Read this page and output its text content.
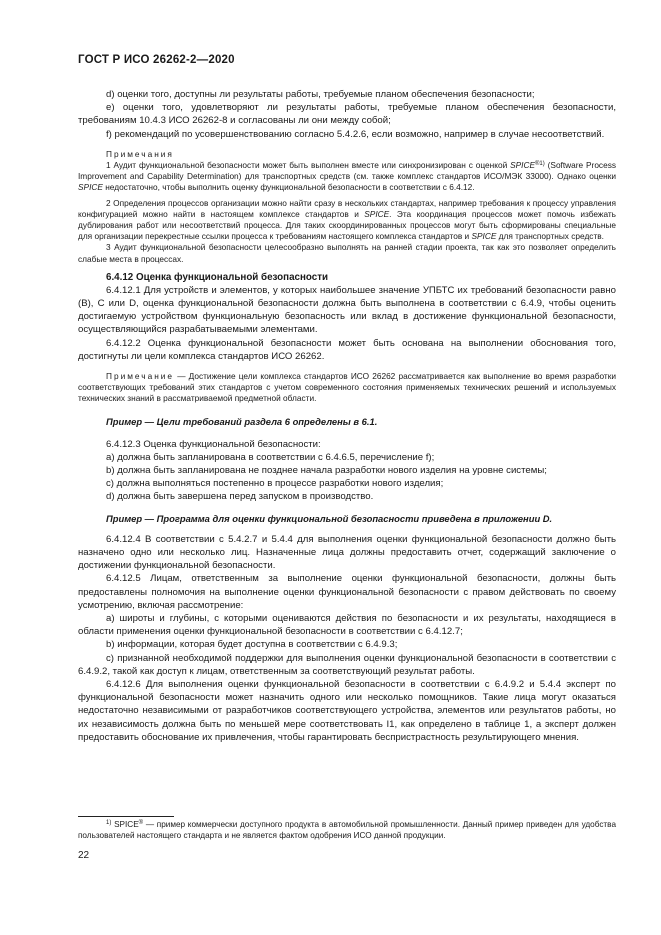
ГОСТ Р ИСО 26262-2—2020

d) оценки того, доступны ли результаты работы, требуемые планом обеспечения безопасности;

e) оценки того, удовлетворяют ли результаты работы, требуемые планом обеспечения безопасности, требованиям 10.4.3 ИСО 26262-8 и согласованы ли они между собой;

f) рекомендаций по усовершенствованию согласно 5.4.2.6, если возможно, например в случае несоответствий.

Примечания

1 Аудит функциональной безопасности может быть выполнен вместе или синхронизирован с оценкой $SPICE^{®1)}$ (Software Process Improvement and Capability Determination) для транспортных средств (см. также комплекс стандартов ИСО/МЭК 33000). Однако оценки SPICE недостаточно, чтобы выполнить оценку функциональной безопасности в соответствии с 6.4.12.

2 Определения процессов организации можно найти сразу в нескольких стандартах, например требования к процессу управления конфигурацией можно найти в настоящем комплексе стандартов и SPICE. Эта координация процессов может помочь избежать дублирования работ или несоответствий процесса. Для таких скоординированных процессов могут быть сформированы специальные для организации перекрестные ссылки процесса к требованиям настоящего комплекса стандартов и SPICE для транспортных средств.

3 Аудит функциональной безопасности целесообразно выполнять на ранней стадии проекта, так как это позволяет определить слабые места в процессах.

6.4.12 Оценка функциональной безопасности

6.4.12.1 Для устройств и элементов, у которых наибольшее значение УПБТС их требований безопасности равно (B), C или D, оценка функциональной безопасности должна быть выполнена в соответствии с 6.4.9, чтобы оценить достигаемую устройством функциональную безопасность или вклад в достижение функциональной безопасности, осуществляющийся разрабатываемыми элементами.

6.4.12.2 Оценка функциональной безопасности может быть основана на выполнении обоснования того, достигнуты ли цели комплекса стандартов ИСО 26262.

Примечание — Достижение цели комплекса стандартов ИСО 26262 рассматривается как выполнение во время разработки соответствующих требований этих стандартов с учетом современного состояния применяемых технических решений и используемых технических знаний в рассматриваемой предметной области.

Пример — Цели требований раздела 6 определены в 6.1.

6.4.12.3 Оценка функциональной безопасности:

a) должна быть запланирована в соответствии с 6.4.6.5, перечисление f);

b) должна быть запланирована не позднее начала разработки нового изделия на уровне системы;

c) должна выполняться постепенно в процессе разработки нового изделия;

d) должна быть завершена перед запуском в производство.

Пример — Программа для оценки функциональной безопасности приведена в приложении D.

6.4.12.4 В соответствии с 5.4.2.7 и 5.4.4 для выполнения оценки функциональной безопасности должно быть назначено одно или несколько лиц. Назначенные лица должны предоставить отчет, содержащий заключение о достижении функциональной безопасности.

6.4.12.5 Лицам, ответственным за выполнение оценки функциональной безопасности, должны быть предоставлены полномочия на выполнение оценки функциональной безопасности с правом действовать по своему усмотрению, включая рассмотрение:

a) широты и глубины, с которыми оцениваются действия по безопасности и их результаты, находящиеся в области применения оценки функциональной безопасности в соответствии с 6.4.12.7;

b) информации, которая будет доступна в соответствии с 6.4.9.3;

c) признанной необходимой поддержки для выполнения оценки функциональной безопасности в соответствии с 6.4.9.2, такой как доступ к лицам, ответственным за соответствующий результат работы.

6.4.12.6 Для выполнения оценки функциональной безопасности в соответствии с 6.4.9.2 и 5.4.4 эксперт по функциональной безопасности может назначить одного или несколько помощников. Такие лица могут оказаться недостаточно независимыми от разработчиков соответствующего устройства, элементов или результатов работы, но их независимость должна быть по меньшей мере соответствовать I1, как определено в таблице 1, а эксперт должен предоставить обоснование их привлечения, чтобы гарантировать беспристрастность результирующего мнения.

$^{1)}$ SPICE® — пример коммерчески доступного продукта в автомобильной промышленности. Данный пример приведен для удобства пользователей настоящего стандарта и не является фактом одобрения ИСО данной продукции.

22
